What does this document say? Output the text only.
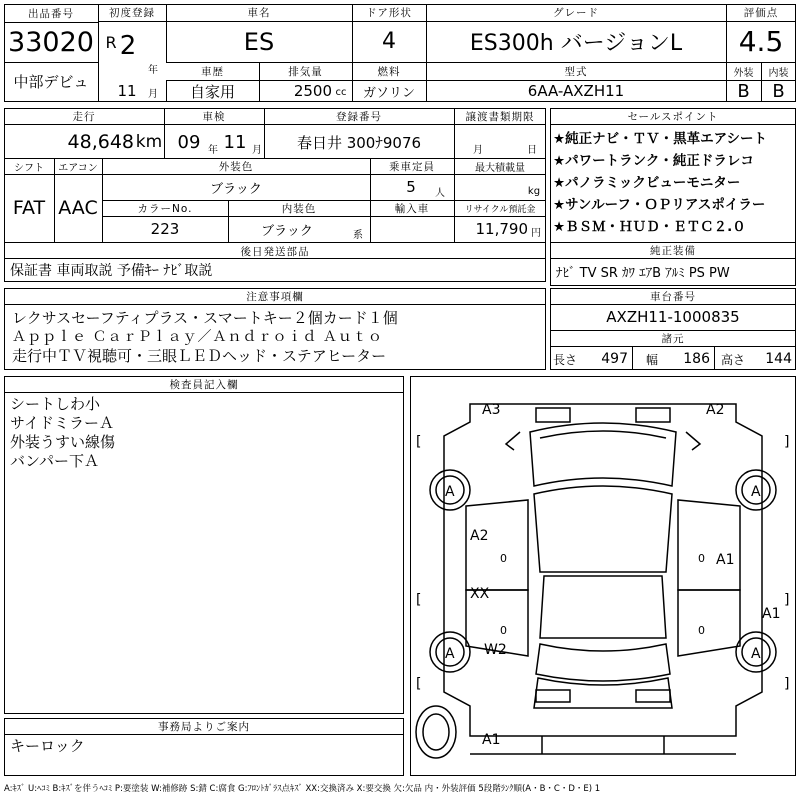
出品番号
33020
中部デビュ
初度登録
R 2
年
11	月
車名
ES
ドア形状
4
グレード
ES300h バージョンL
評価点
4.5
車歴
自家用
排気量
2500 cc
燃料
ガソリン
型式
6AA-AXZH11
外装	内装
B	B
走行
48,648 km
車検
09 年 11 月
登録番号
春日井 300ﾅ9076
譲渡書類期限
月	日
シフト
FAT
エアコン
AAC
外装色
ブラック
乗車定員
5	人
最大積載量
kg
カラーNo.
223
内装色
ブラック	系
輸入車	リサイクル預託金
11,790 円
後日発送部品
保証書 車両取説 予備ｷｰ ﾅﾋﾞ取説
注意事項欄
レクサスセーフティプラス・スマートキー２個カード１個
Ａｐｐｌｅ ＣａｒＰｌａｙ／Ａｎｄｒｏｉｄ Ａｕｔｏ
走行中ＴＶ視聴可・三眼ＬＥＤヘッド・ステアヒーター
セールスポイント
★純正ナビ・ＴＶ・黒革エアシート
★パワートランク・純正ドラレコ
★パノラミックビューモニター
★サンルーフ・ＯＰリアスポイラー
★ＢＳＭ・ＨＵＤ・ＥＴＣ２.０
純正装備
ﾅﾋﾞ TV SR ｶﾜ ｴｱB ｱﾙﾐ PS PW
車台番号
AXZH11-1000835
諸元
長さ	497	幅	186 高さ	144
検査員記入欄
シートしわ小
サイドミラーＡ
外装うすい線傷
バンパー下Ａ
事務局よりご案内
キーロック
[
[
[
]
]
]
0
0
0
0
A3	A2
A	A
A2
A1
A1
XX
A W2	A
A1
A:ｷｽﾞ U:ﾍｺﾐ B:ｷｽﾞを伴うﾍｺﾐ P:要塗装 W:補修跡 S:錆 C:腐食 G:ﾌﾛﾝﾄｶﾞﾗｽ点ｷｽﾞ XX:交換済み X:要交換 欠:欠品 内・外装評価 5段階ﾗﾝｸ順(A・B・C・D・E) 1
